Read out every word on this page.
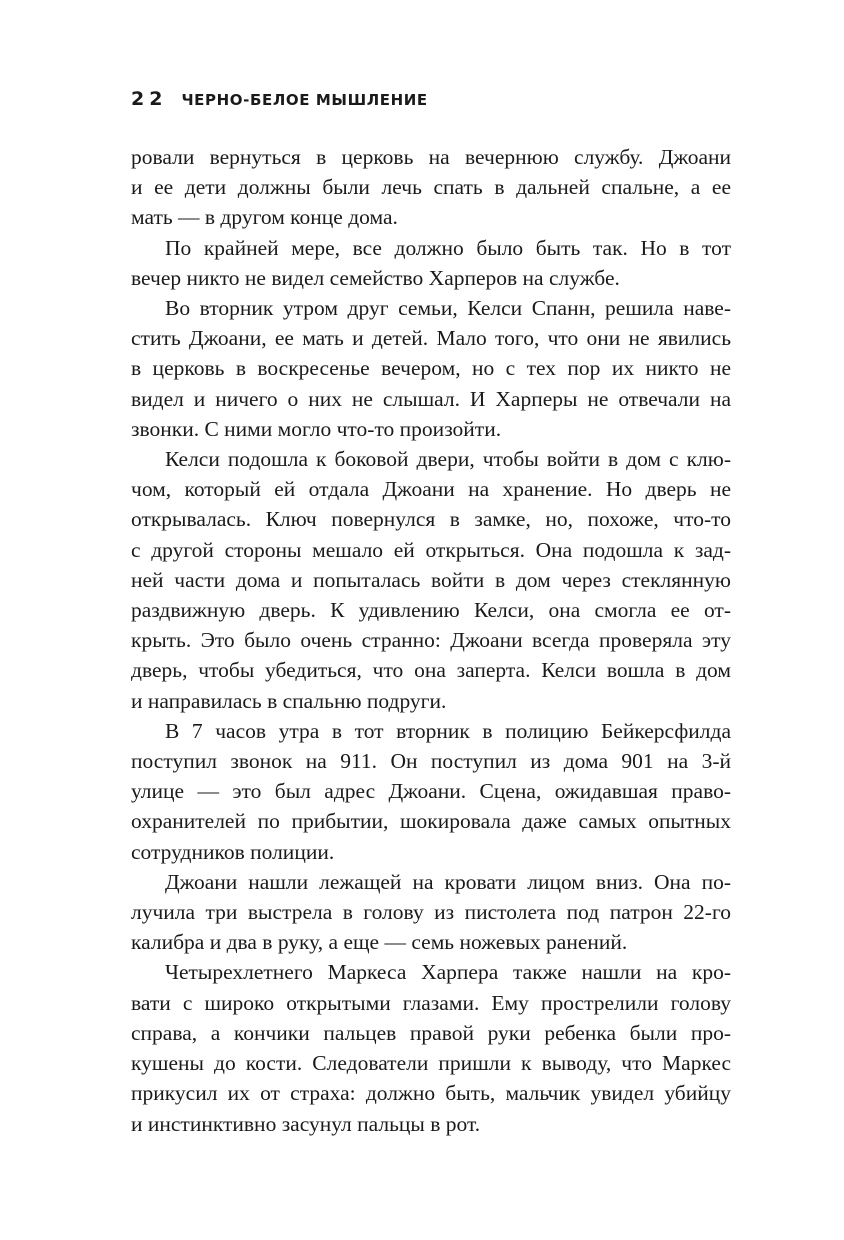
22 ЧЕРНО-БЕЛОЕ МЫШЛЕНИЕ
ровали вернуться в церковь на вечернюю службу. Джоани
и ее дети должны были лечь спать в дальней спальне, а ее
мать — в другом конце дома.
По крайней мере, все должно было быть так. Но в тот
вечер никто не видел семейство Харперов на службе.
Во вторник утром друг семьи, Келси Спанн, решила наве-
стить Джоани, ее мать и детей. Мало того, что они не явились
в церковь в воскресенье вечером, но с тех пор их никто не
видел и ничего о них не слышал. И Харперы не отвечали на
звонки. С ними могло что-то произойти.
Келси подошла к боковой двери, чтобы войти в дом с клю-
чом, который ей отдала Джоани на хранение. Но дверь не
открывалась. Ключ повернулся в замке, но, похоже, что-то
с другой стороны мешало ей открыться. Она подошла к зад-
ней части дома и попыталась войти в дом через стеклянную
раздвижную дверь. К удивлению Келси, она смогла ее от-
крыть. Это было очень странно: Джоани всегда проверяла эту
дверь, чтобы убедиться, что она заперта. Келси вошла в дом
и направилась в спальню подруги.
В 7 часов утра в тот вторник в полицию Бейкерсфилда
поступил звонок на 911. Он поступил из дома 901 на 3-й
улице — это был адрес Джоани. Сцена, ожидавшая право-
охранителей по прибытии, шокировала даже самых опытных
сотрудников полиции.
Джоани нашли лежащей на кровати лицом вниз. Она по-
лучила три выстрела в голову из пистолета под патрон 22-го
калибра и два в руку, а еще — семь ножевых ранений.
Четырехлетнего Маркеса Харпера также нашли на кро-
вати с широко открытыми глазами. Ему прострелили голову
справа, а кончики пальцев правой руки ребенка были про-
кушены до кости. Следователи пришли к выводу, что Маркес
прикусил их от страха: должно быть, мальчик увидел убийцу
и инстинктивно засунул пальцы в рот.
